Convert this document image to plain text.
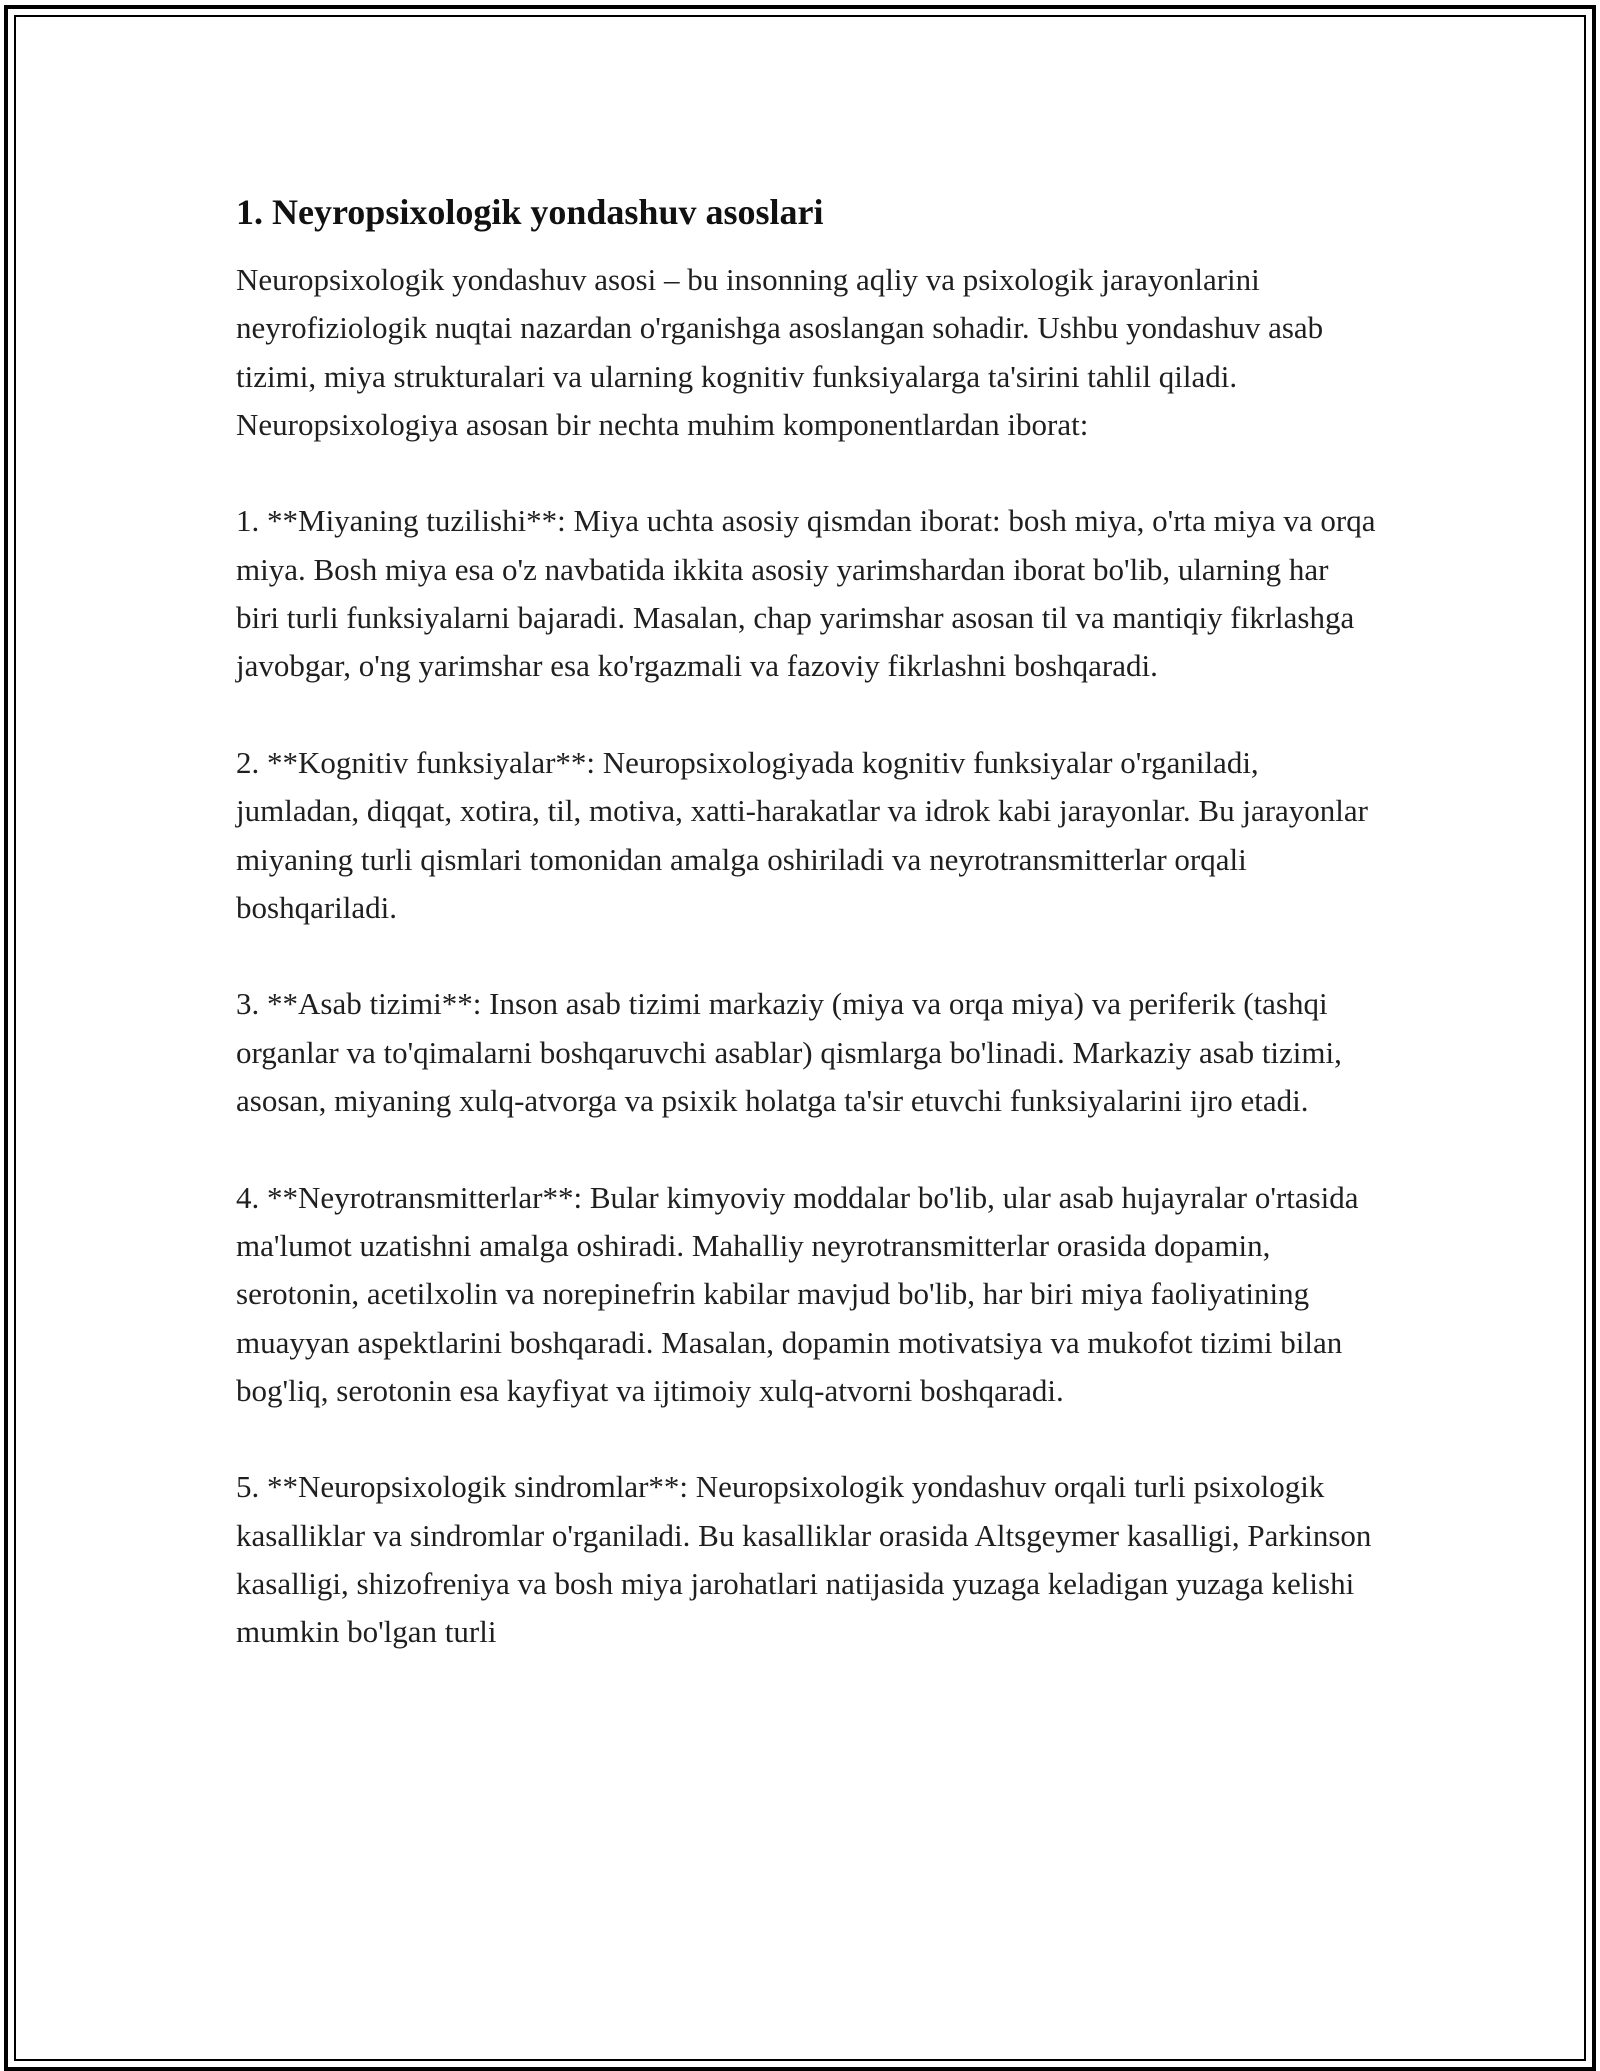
1. Neyropsixologik yondashuv asoslari

Neuropsixologik yondashuv asosi – bu insonning aqliy va psixologik jarayonlarini neyrofiziologik nuqtai nazardan o'rganishga asoslangan sohadir. Ushbu yondashuv asab tizimi, miya strukturalari va ularning kognitiv funksiyalarga ta'sirini tahlil qiladi. Neuropsixologiya asosan bir nechta muhim komponentlardan iborat:

1. **Miyaning tuzilishi**: Miya uchta asosiy qismdan iborat: bosh miya, o'rta miya va orqa miya. Bosh miya esa o'z navbatida ikkita asosiy yarimshardan iborat bo'lib, ularning har biri turli funksiyalarni bajaradi. Masalan, chap yarimshar asosan til va mantiqiy fikrlashga javobgar, o'ng yarimshar esa ko'rgazmali va fazoviy fikrlashni boshqaradi.

2. **Kognitiv funksiyalar**: Neuropsixologiyada kognitiv funksiyalar o'rganiladi, jumladan, diqqat, xotira, til, motiva, xatti-harakatlar va idrok kabi jarayonlar. Bu jarayonlar miyaning turli qismlari tomonidan amalga oshiriladi va neyrotransmitterlar orqali boshqariladi.

3. **Asab tizimi**: Inson asab tizimi markaziy (miya va orqa miya) va periferik (tashqi organlar va to'qimalarni boshqaruvchi asablar) qismlarga bo'linadi. Markaziy asab tizimi, asosan, miyaning xulq-atvorga va psixik holatga ta'sir etuvchi funksiyalarini ijro etadi.

4. **Neyrotransmitterlar**: Bular kimyoviy moddalar bo'lib, ular asab hujayralar o'rtasida ma'lumot uzatishni amalga oshiradi. Mahalliy neyrotransmitterlar orasida dopamin, serotonin, acetilxolin va norepinefrin kabilar mavjud bo'lib, har biri miya faoliyatining muayyan aspektlarini boshqaradi. Masalan, dopamin motivatsiya va mukofot tizimi bilan bog'liq, serotonin esa kayfiyat va ijtimoiy xulq-atvorni boshqaradi.

5. **Neuropsixologik sindromlar**: Neuropsixologik yondashuv orqali turli psixologik kasalliklar va sindromlar o'rganiladi. Bu kasalliklar orasida Altsgeymer kasalligi, Parkinson kasalligi, shizofreniya va bosh miya jarohatlari natijasida yuzaga keladigan yuzaga kelishi mumkin bo'lgan turli
